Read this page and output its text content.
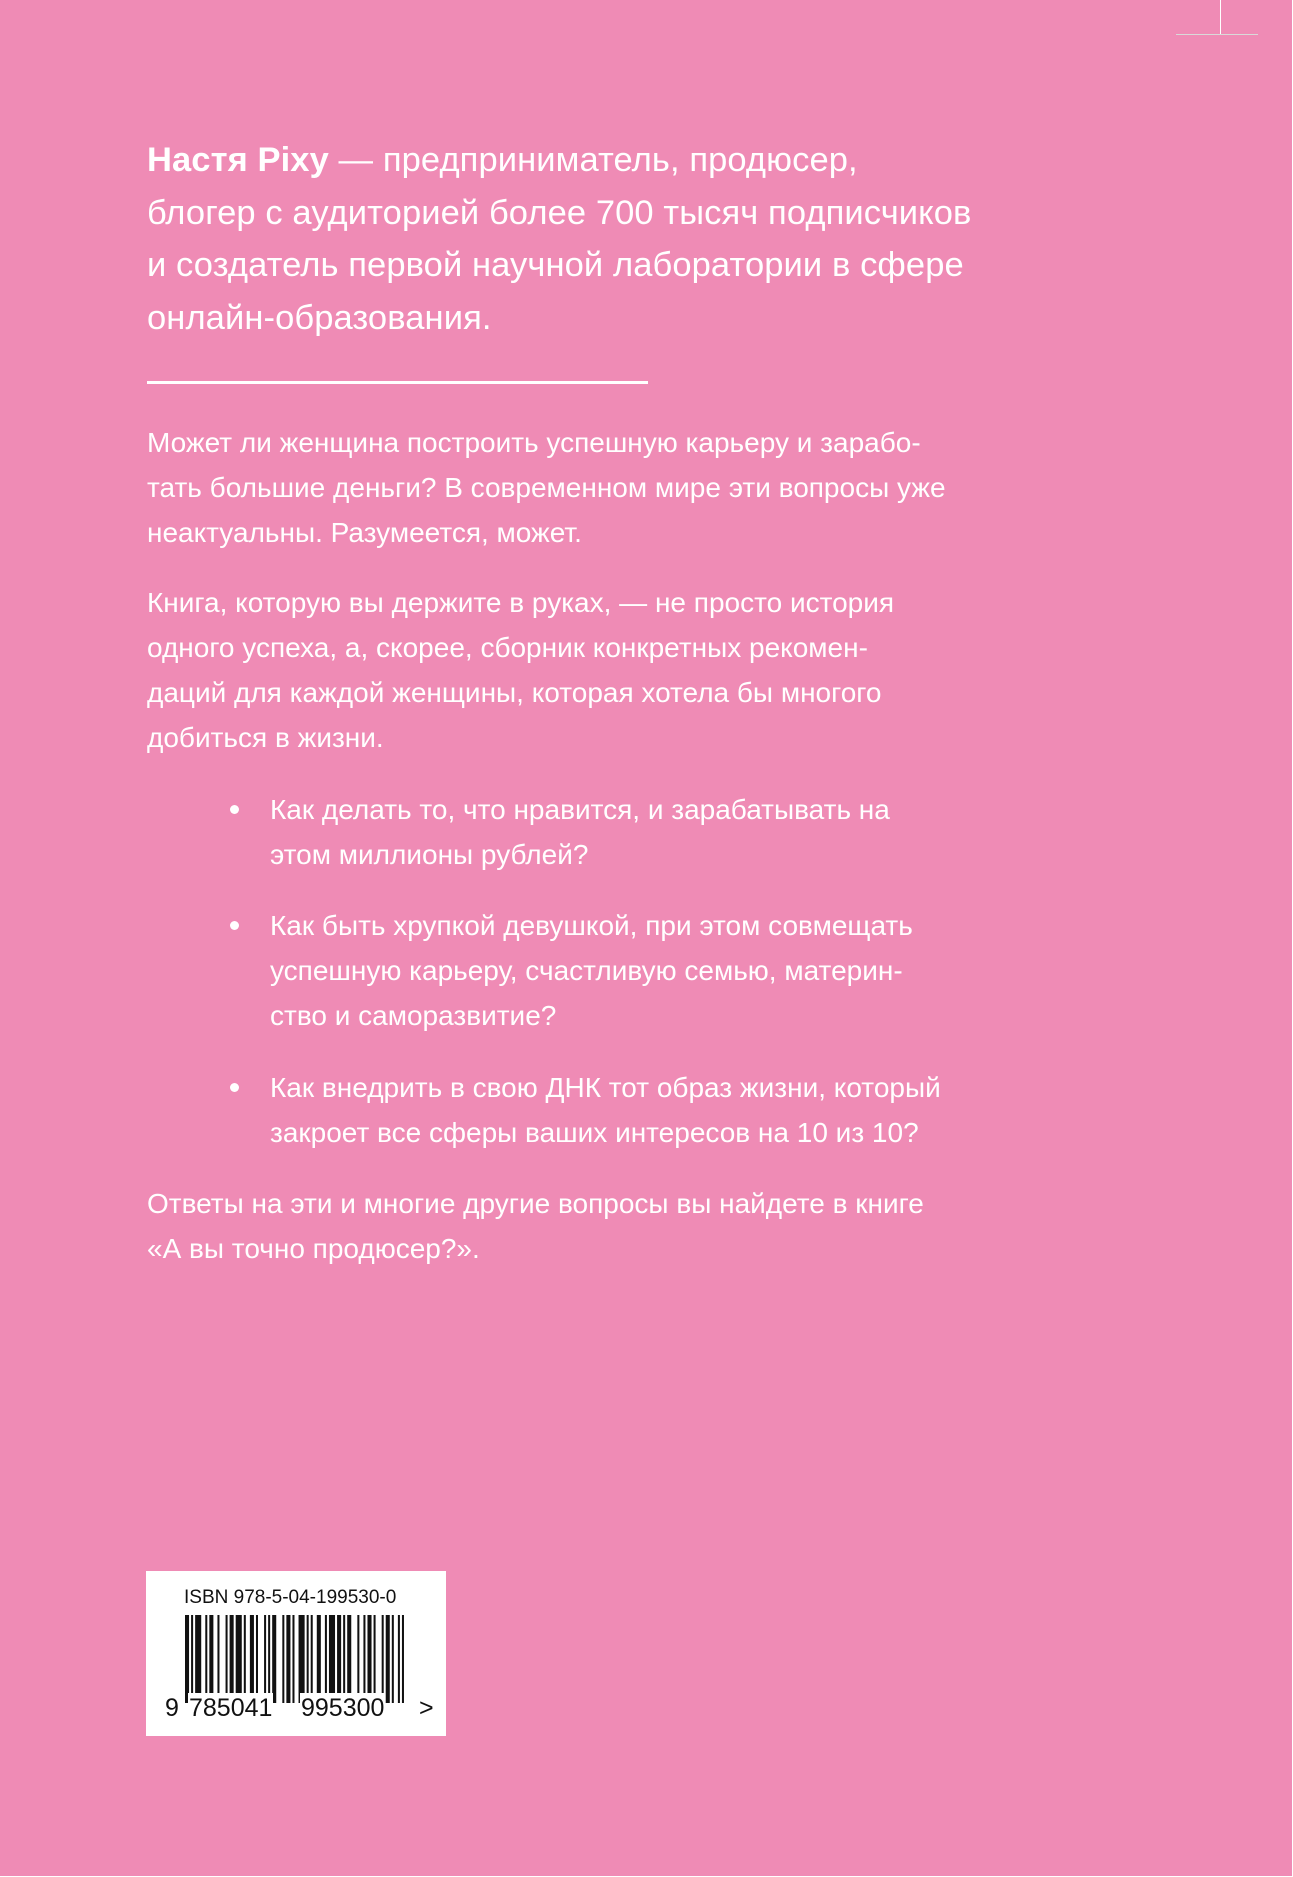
Настя Pixy — предприниматель, продюсер,
блогер с аудиторией более 700 тысяч подписчиков
и создатель первой научной лаборатории в сфере
онлайн-образования.

Может ли женщина построить успешную карьеру и зарабо-
тать большие деньги? В современном мире эти вопросы уже
неактуальны. Разумеется, может.

Книга, которую вы держите в руках, — не просто история
одного успеха, а, скорее, сборник конкретных рекомен-
даций для каждой женщины, которая хотела бы многого
добиться в жизни.

Как делать то, что нравится, и зарабатывать на
этом миллионы рублей?
Как быть хрупкой девушкой, при этом совмещать
успешную карьеру, счастливую семью, материн-
ство и саморазвитие?
Как внедрить в свою ДНК тот образ жизни, который
закроет все сферы ваших интересов на 10 из 10?

Ответы на эти и многие другие вопросы вы найдете в книге
«А вы точно продюсер?».

ISBN 978-5-04-199530-0
9 785041 995300 >
